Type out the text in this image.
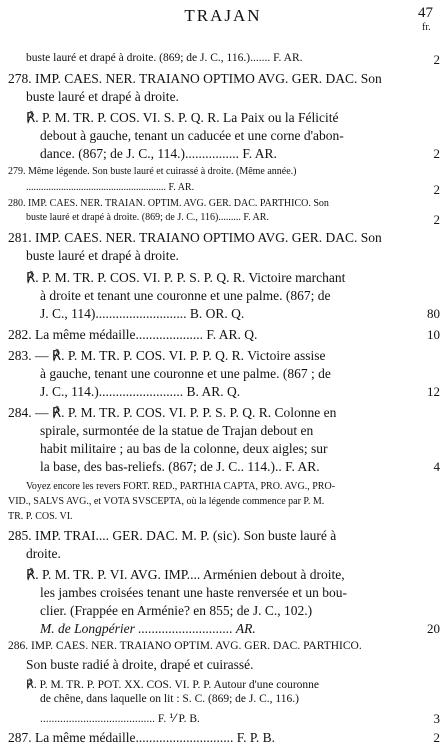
TRAJAN	47
fr.
buste lauré et drapé à droite. (869; de J. C., 116.)....... F. AR.	2
278. IMP. CAES. NER. TRAIANO OPTIMO AVG. GER. DAC. Son
buste lauré et drapé à droite.
℟. P. M. TR. P. COS. VI. S. P. Q. R. La Paix ou la Félicité
debout à gauche, tenant un caducée et une corne d'abon-
dance. (867; de J. C., 114.)................ F. AR.	2
279. Même légende. Son buste lauré et cuirassé à droite. (Même année.)
........................................................ F. AR.	2
280. IMP. CAES. NER. TRAIAN. OPTIM. AVG. GER. DAC. PARTHICO. Son
buste lauré et drapé à droite. (869; de J. C., 116)......... F. AR.	2
281. IMP. CAES. NER. TRAIANO OPTIMO AVG. GER. DAC. Son
buste lauré et drapé à droite.
℟. P. M. TR. P. COS. VI. P. P. S. P. Q. R. Victoire marchant
à droite et tenant une couronne et une palme. (867; de
J. C., 114)........................... B. OR. Q.	80
282. La même médaille.................... F. AR. Q.	10
283. — ℟. P. M. TR. P. COS. VI. P. P. Q. R. Victoire assise
à gauche, tenant une couronne et une palme. (867 ; de
J. C., 114.)......................... B. AR. Q.	12
284. — ℟. P. M. TR. P. COS. VI. P. P. S. P. Q. R. Colonne en
spirale, surmontée de la statue de Trajan debout en
habit militaire ; au bas de la colonne, deux aigles; sur
la base, des bas-reliefs. (867; de J. C.. 114.).. F. AR.	4
Voyez encore les revers FORT. RED., PARTHIA CAPTA, PRO. AVG., PRO-
VID., SALVS AVG., et VOTA SVSCEPTA, où la légende commence par P. M.
TR. P. COS. VI.
285. IMP. TRAI.... GER. DAC. M. P. (sic). Son buste lauré à
droite.
℟. P. M. TR. P. VI. AVG. IMP.... Arménien debout à droite,
les jambes croisées tenant une haste renversée et un bou-
clier. (Frappée en Arménie? en 855; de J. C., 102.)
M. de Longpérier ............................ AR.	20
286. IMP. CAES. NER. TRAIANO OPTIM. AVG. GER. DAC. PARTHICO.
Son buste radié à droite, drapé et cuirassé.
℟. P. M. TR. P. POT. XX. COS. VI. P. P. Autour d'une couronne
de chêne, dans laquelle on lit : S. C. (869; de J. C., 116.)
........................................ F. ⅟ P. B.	3
287. La même médaille............................. F. P. B.	2
